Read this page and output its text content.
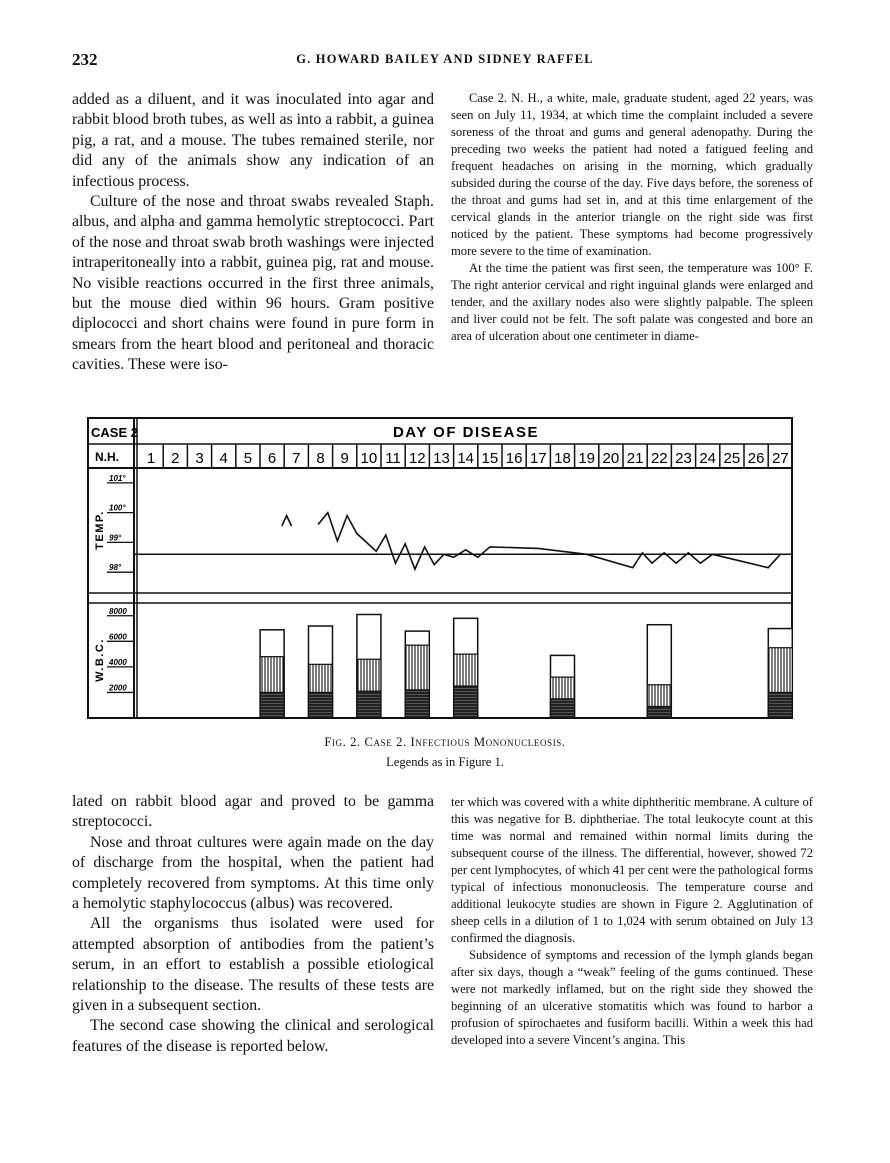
232	G. HOWARD BAILEY AND SIDNEY RAFFEL

added as a diluent, and it was inoculated into agar and rabbit blood broth tubes, as well as into a rabbit, a guinea pig, a rat, and a mouse. The tubes remained sterile, nor did any of the animals show any indication of an infectious process.

Culture of the nose and throat swabs revealed Staph. albus, and alpha and gamma hemolytic streptococci. Part of the nose and throat swab broth washings were injected intraperitoneally into a rabbit, guinea pig, rat and mouse. No visible reactions occurred in the first three animals, but the mouse died within 96 hours. Gram positive diplococci and short chains were found in pure form in smears from the heart blood and peritoneal and thoracic cavities. These were iso-

Case 2. N. H., a white, male, graduate student, aged 22 years, was seen on July 11, 1934, at which time the complaint included a severe soreness of the throat and gums and general adenopathy. During the preceding two weeks the patient had noted a fatigued feeling and frequent headaches on arising in the morning, which gradually subsided during the course of the day. Five days before, the soreness of the throat and gums had set in, and at this time enlargement of the cervical glands in the anterior triangle on the right side was first noticed by the patient. These symptoms had become progressively more severe to the time of examination.

At the time the patient was first seen, the temperature was 100° F. The right anterior cervical and right inguinal glands were enlarged and tender, and the axillary nodes also were slightly palpable. The spleen and liver could not be felt. The soft palate was congested and bore an area of ulceration about one centimeter in diame-

CASE 2
N.H.
DAY OF DISEASE
TEMP.
W.B.C.
1 2 3 4 5 6 7 8 9 10 11 12 13 14 15 16 17 18 19 20 21 22 23 24 25 26 27
101°
100°
99°
98°
8000
6000
4000
2000
Fig. 2. Case 2. Infectious Mononucleosis.
Legends as in Figure 1.

lated on rabbit blood agar and proved to be gamma streptococci.

Nose and throat cultures were again made on the day of discharge from the hospital, when the patient had completely recovered from symptoms. At this time only a hemolytic staphylococcus (albus) was recovered.

All the organisms thus isolated were used for attempted absorption of antibodies from the patient’s serum, in an effort to establish a possible etiological relationship to the disease. The results of these tests are given in a subsequent section.

The second case showing the clinical and serological features of the disease is reported below.

ter which was covered with a white diphtheritic membrane. A culture of this was negative for B. diphtheriae. The total leukocyte count at this time was normal and remained within normal limits during the subsequent course of the illness. The differential, however, showed 72 per cent lymphocytes, of which 41 per cent were the pathological forms typical of infectious mononucleosis. The temperature course and additional leukocyte studies are shown in Figure 2. Agglutination of sheep cells in a dilution of 1 to 1,024 with serum obtained on July 13 confirmed the diagnosis.

Subsidence of symptoms and recession of the lymph glands began after six days, though a “weak” feeling of the gums continued. These were not markedly inflamed, but on the right side they showed the beginning of an ulcerative stomatitis which was found to harbor a profusion of spirochaetes and fusiform bacilli. Within a week this had developed into a severe Vincent’s angina. This
